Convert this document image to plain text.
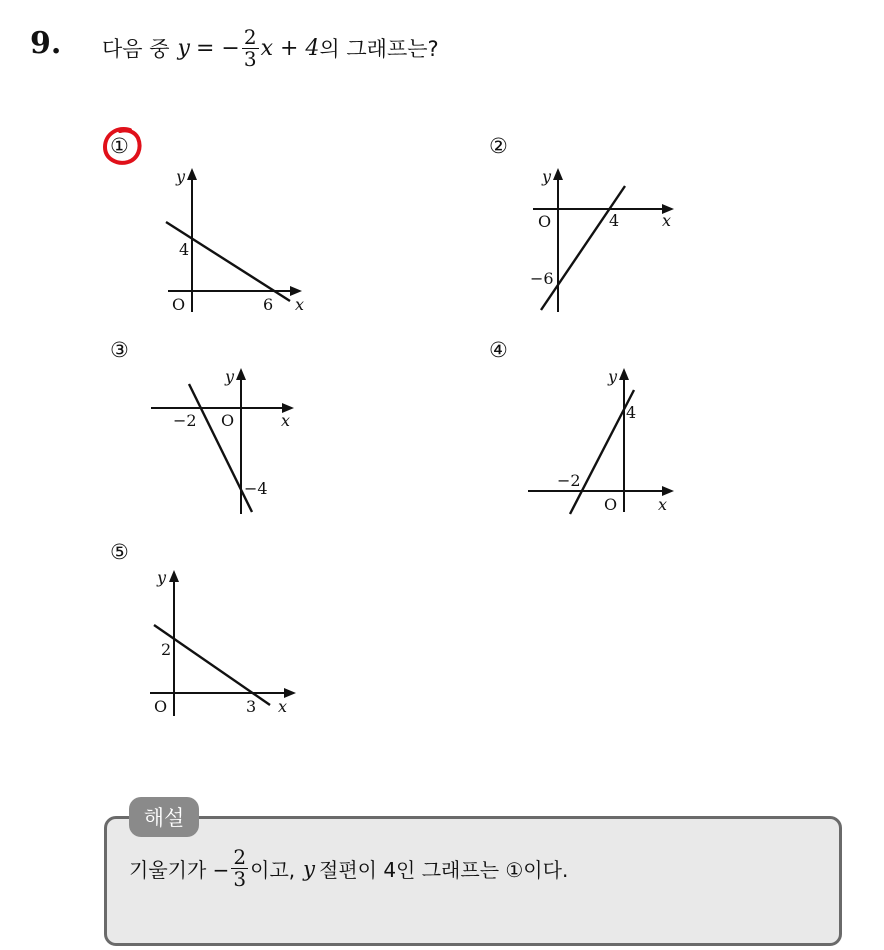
9. 다음 중 y = − $\frac{2}{3}$ x + 4 의 그래프는?
①
y
x
O
4
6
②
y
x
O	4
−6
③
y
x
−2 O
−4
④
y
x
4
−2
O
⑤
y
x
2
O	3
해설
기울기가 − $\frac{2}{3}$ 이고, y 절편이 4인 그래프는 ①이다.
